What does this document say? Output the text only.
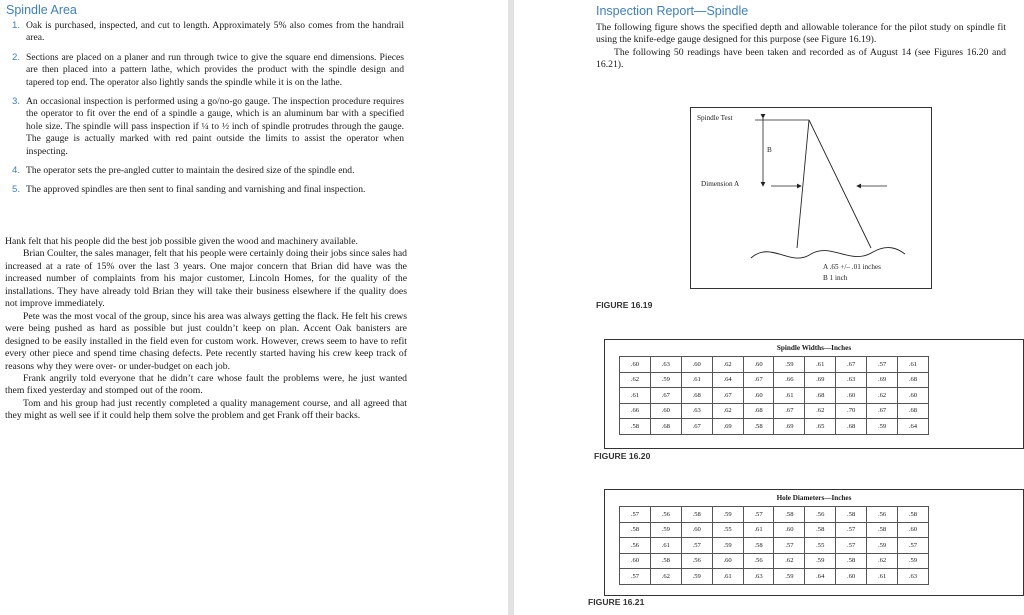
Spindle Area
1. Oak is purchased, inspected, and cut to length. Approximately 5% also comes from the handrail area.
2. Sections are placed on a planer and run through twice to give the square end dimensions. Pieces are then placed into a pattern lathe, which provides the product with the spindle design and tapered top end. The operator also lightly sands the spindle while it is on the lathe.
3. An occasional inspection is performed using a go/no-go gauge. The inspection procedure requires the operator to fit over the end of a spindle a gauge, which is an aluminum bar with a specified hole size. The spindle will pass inspection if ¼ to ½ inch of spindle protrudes through the gauge. The gauge is actually marked with red paint outside the limits to assist the operator when inspecting.
4. The operator sets the pre-angled cutter to maintain the desired size of the spindle end.
5. The approved spindles are then sent to final sanding and varnishing and final inspection.

Hank felt that his people did the best job possible given the wood and machinery available.

Brian Coulter, the sales manager, felt that his people were certainly doing their jobs since sales had increased at a rate of 15% over the last 3 years. One major concern that Brian did have was the increased number of complaints from his major customer, Lincoln Homes, for the quality of the installations. They have already told Brian they will take their business elsewhere if the quality does not improve immediately.

Pete was the most vocal of the group, since his area was always getting the flack. He felt his crews were being pushed as hard as possible but just couldn’t keep on plan. Accent Oak banisters are designed to be easily installed in the field even for custom work. However, crews seem to have to refit every other piece and spend time chasing defects. Pete recently started having his crew keep track of reasons why they were over- or under-budget on each job.

Frank angrily told everyone that he didn’t care whose fault the problems were, he just wanted them fixed yesterday and stomped out of the room.

Tom and his group had just recently completed a quality management course, and all agreed that they might as well see if it could help them solve the problem and get Frank off their backs.

Inspection Report—Spindle

The following figure shows the specified depth and allowable tolerance for the pilot study on spindle fit using the knife-edge gauge designed for this purpose (see Figure 16.19).

The following 50 readings have been taken and recorded as of August 14 (see Figures 16.20 and 16.21).

Spindle Test

B

Dimension A

A .65 +/– .01 inches

B 1 inch

FIGURE 16.19

Spindle Widths—Inches

.60	.63	.60	.62	.60	.59	.61	.67	.57	.61
.62	.59	.61	.64	.67	.66	.69	.63	.69	.68
.61	.67	.68	.67	.60	.61	.68	.60	.62	.60
.66	.60	.63	.62	.68	.67	.62	.70	.67	.68
.58	.68	.67	.69	.58	.69	.65	.68	.59	.64

FIGURE 16.20

Hole Diameters—Inches

.57	.56	.58	.59	.57	.58	.56	.58	.56	.58
.58	.59	.60	.55	.61	.60	.58	.57	.58	.60
.56	.61	.57	.59	.58	.57	.55	.57	.59	.57
.60	.58	.56	.60	.56	.62	.59	.58	.62	.59
.57	.62	.59	.61	.63	.59	.64	.60	.61	.63

FIGURE 16.21
